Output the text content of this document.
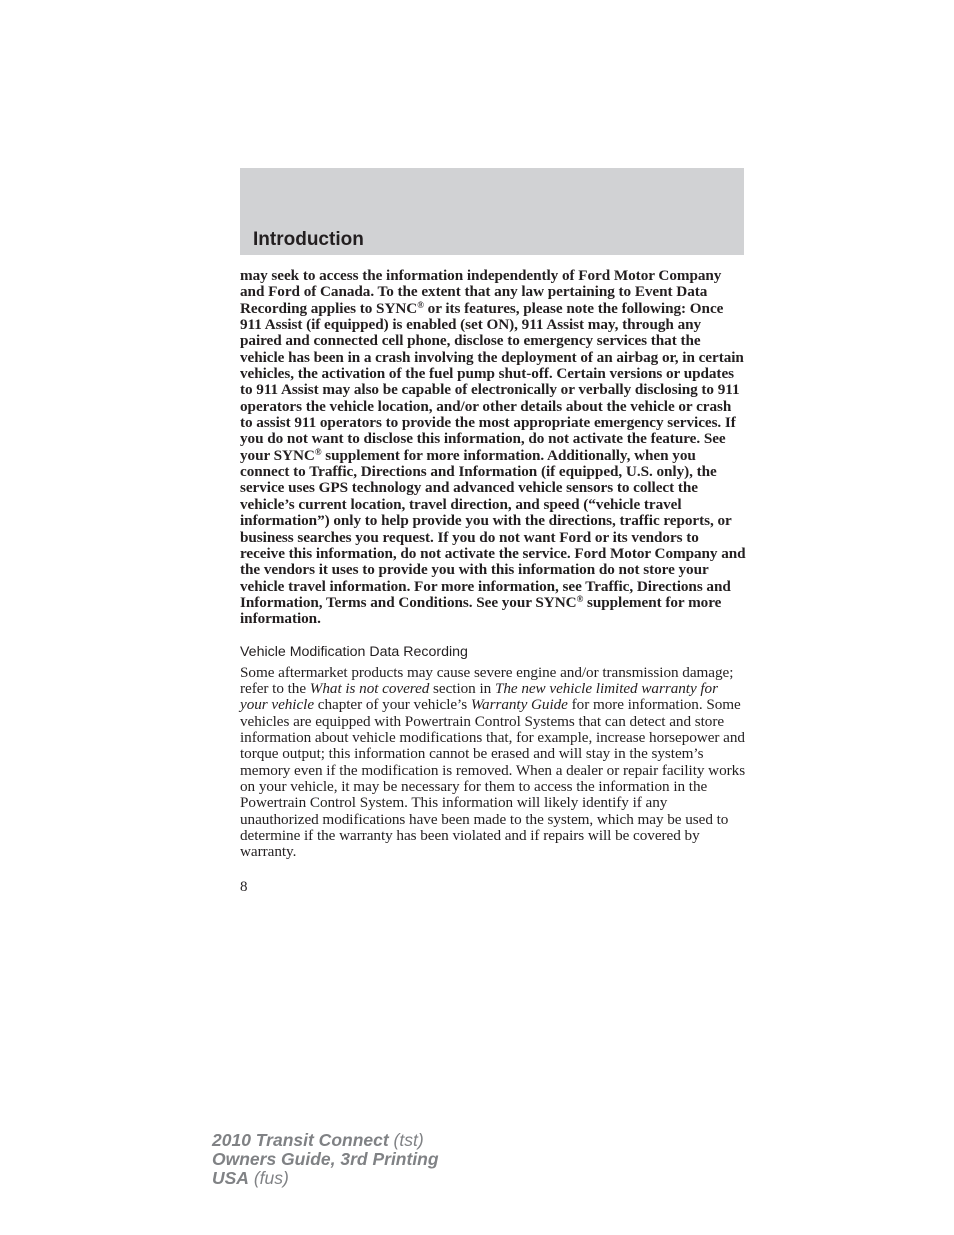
Introduction

may seek to access the information independently of Ford Motor Company and Ford of Canada. To the extent that any law pertaining to Event Data Recording applies to SYNC® or its features, please note the following: Once 911 Assist (if equipped) is enabled (set ON), 911 Assist may, through any paired and connected cell phone, disclose to emergency services that the vehicle has been in a crash involving the deployment of an airbag or, in certain vehicles, the activation of the fuel pump shut-off. Certain versions or updates to 911 Assist may also be capable of electronically or verbally disclosing to 911 operators the vehicle location, and/or other details about the vehicle or crash to assist 911 operators to provide the most appropriate emergency services. If you do not want to disclose this information, do not activate the feature. See your SYNC® supplement for more information. Additionally, when you connect to Traffic, Directions and Information (if equipped, U.S. only), the service uses GPS technology and advanced vehicle sensors to collect the vehicle’s current location, travel direction, and speed (“vehicle travel information”) only to help provide you with the directions, traffic reports, or business searches you request. If you do not want Ford or its vendors to receive this information, do not activate the service. Ford Motor Company and the vendors it uses to provide you with this information do not store your vehicle travel information. For more information, see Traffic, Directions and Information, Terms and Conditions. See your SYNC® supplement for more information.

Vehicle Modification Data Recording

Some aftermarket products may cause severe engine and/or transmission damage; refer to the What is not covered section in The new vehicle limited warranty for your vehicle chapter of your vehicle’s Warranty Guide for more information. Some vehicles are equipped with Powertrain Control Systems that can detect and store information about vehicle modifications that, for example, increase horsepower and torque output; this information cannot be erased and will stay in the system’s memory even if the modification is removed. When a dealer or repair facility works on your vehicle, it may be necessary for them to access the information in the Powertrain Control System. This information will likely identify if any unauthorized modifications have been made to the system, which may be used to determine if the warranty has been violated and if repairs will be covered by warranty.

8

2010 Transit Connect (tst)
Owners Guide, 3rd Printing
USA (fus)
